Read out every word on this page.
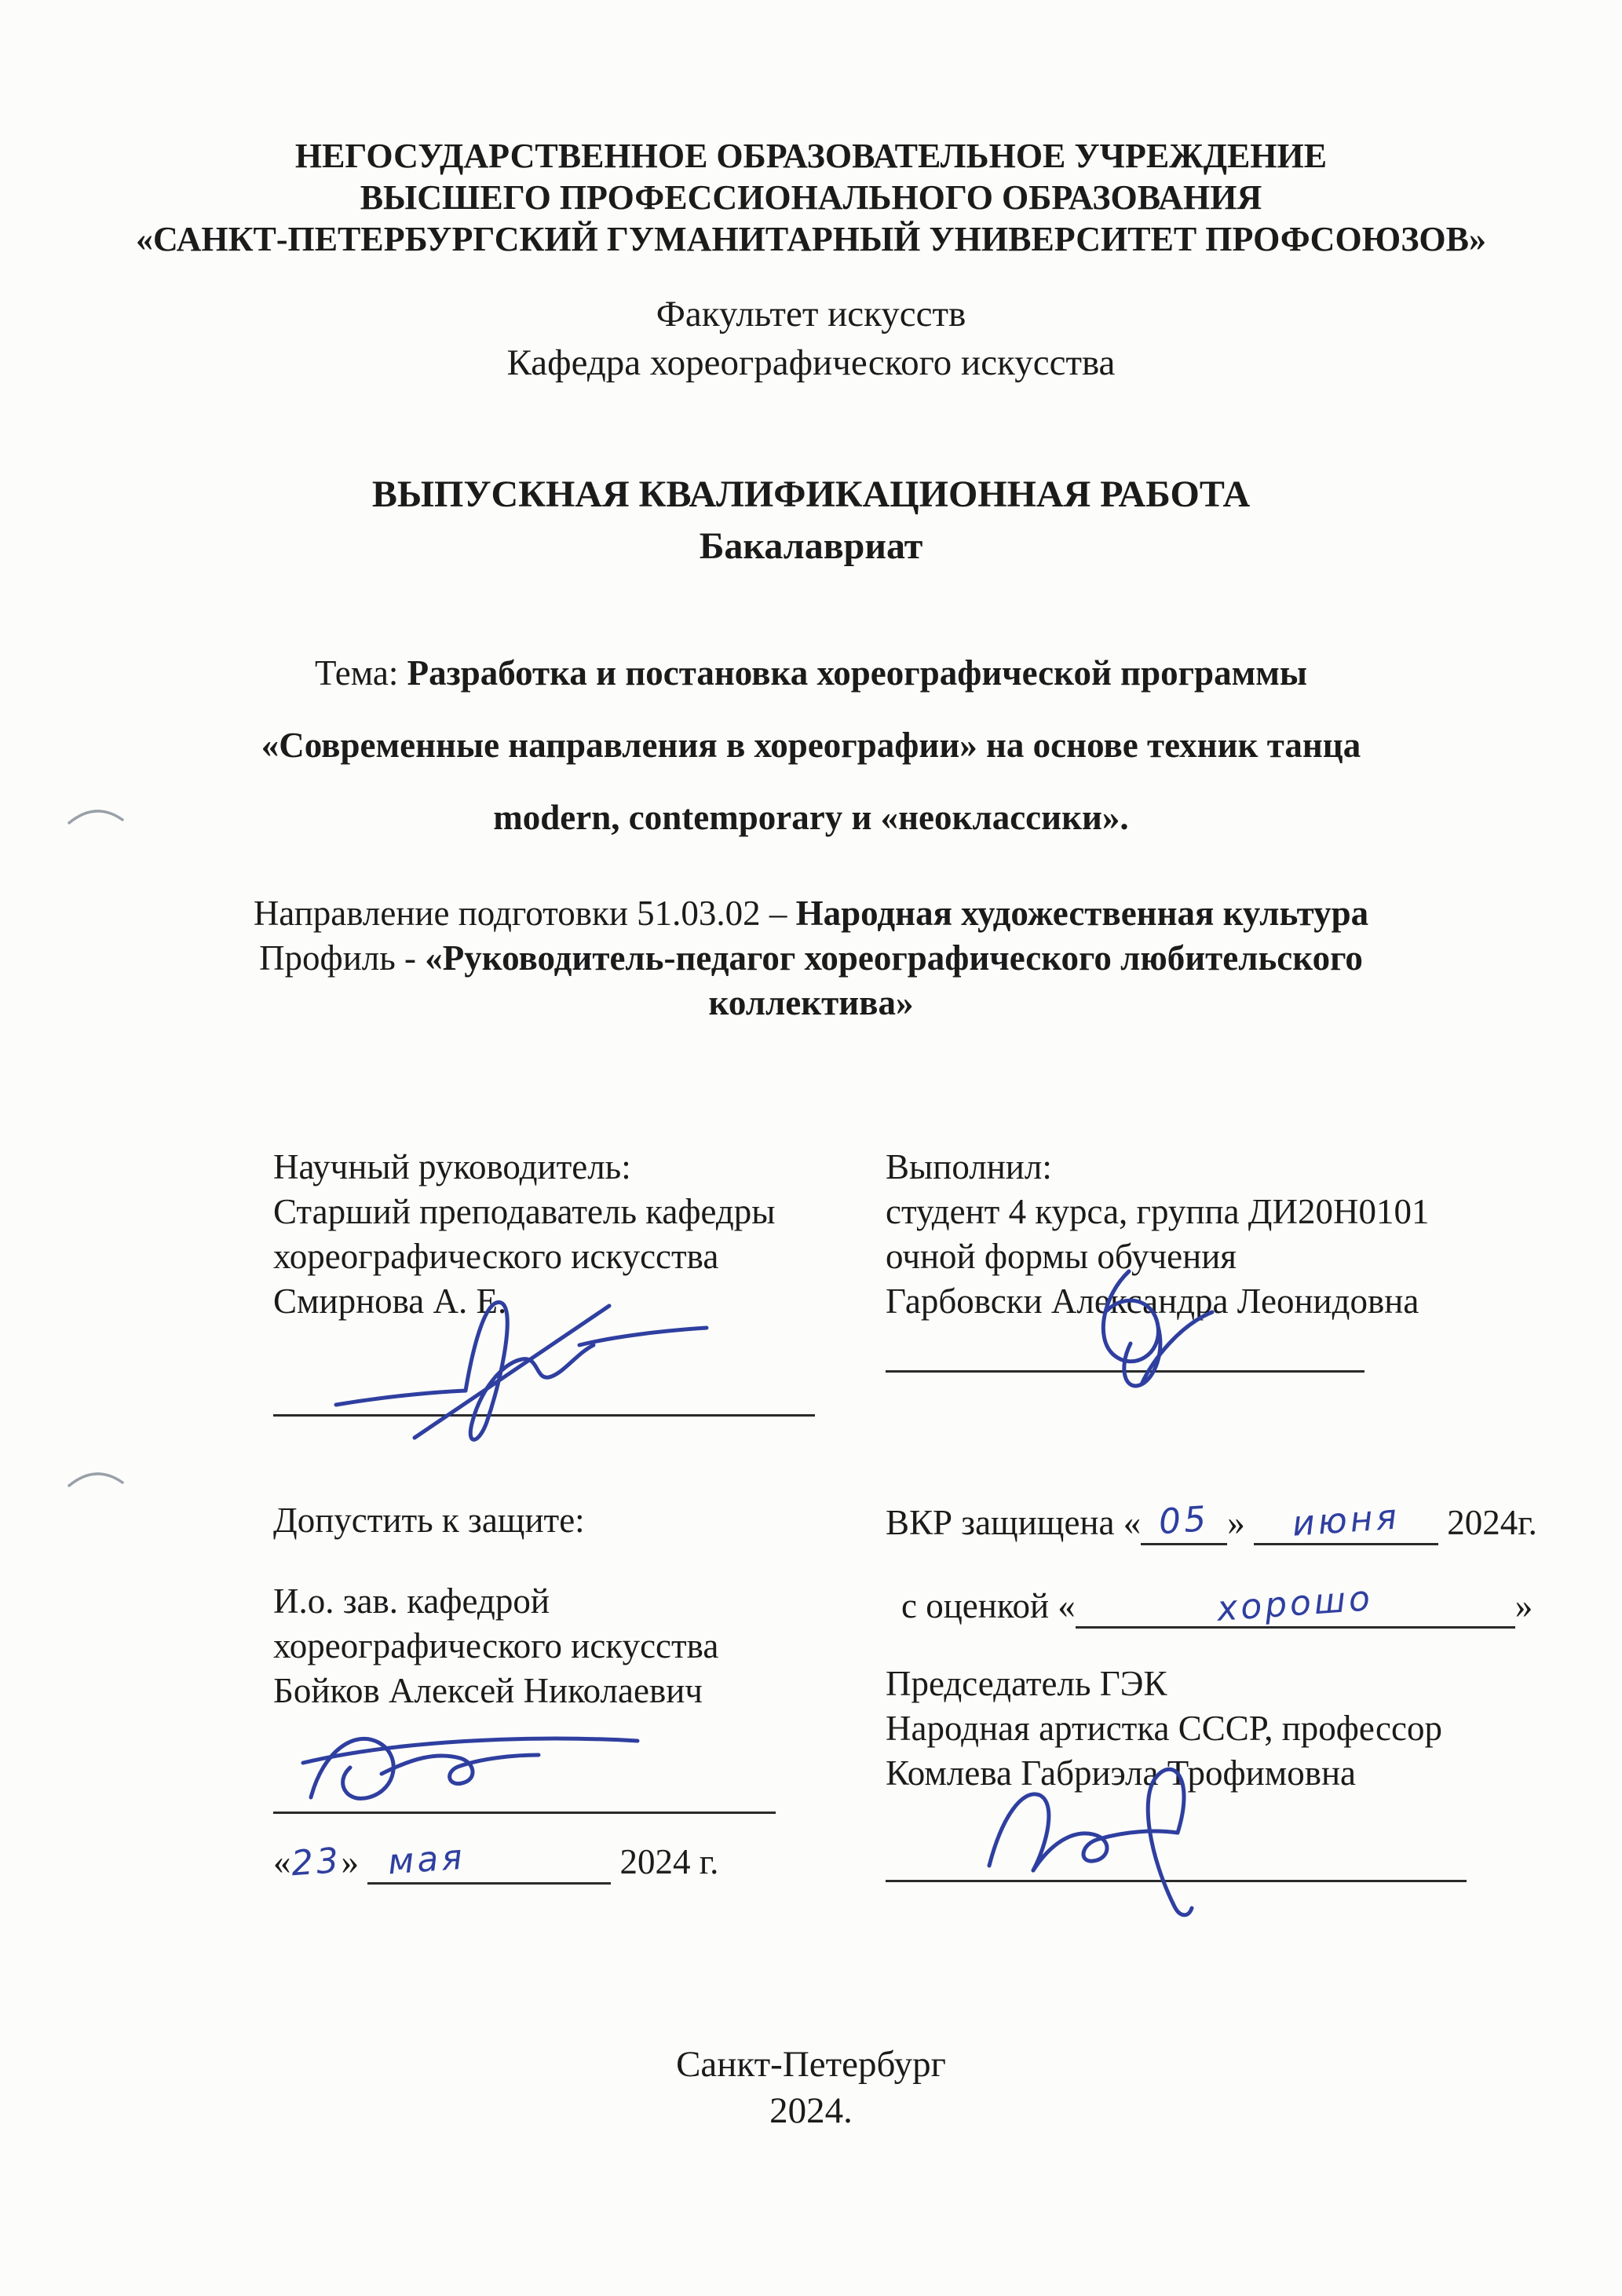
НЕГОСУДАРСТВЕННОЕ ОБРАЗОВАТЕЛЬНОЕ УЧРЕЖДЕНИЕ
ВЫСШЕГО ПРОФЕССИОНАЛЬНОГО ОБРАЗОВАНИЯ
«САНКТ-ПЕТЕРБУРГСКИЙ ГУМАНИТАРНЫЙ УНИВЕРСИТЕТ ПРОФСОЮЗОВ»
Факультет искусств
Кафедра хореографического искусства
ВЫПУСКНАЯ КВАЛИФИКАЦИОННАЯ РАБОТА
Бакалавриат
Тема: Разработка и постановка хореографической программы
«Современные направления в хореографии» на основе техник танца
modern, contemporary и «неоклассики».
Направление подготовки 51.03.02 – Народная художественная культура
Профиль - «Руководитель-педагог хореографического любительского
коллектива»
Научный руководитель:
Старший преподаватель кафедры
хореографического искусства
Смирнова А. Е.
Выполнил:
студент 4 курса, группа ДИ20Н0101
очной формы обучения
Гарбовски Александра Леонидовна
Допустить к защите:
И.о. зав. кафедрой
хореографического искусства
Бойков Алексей Николаевич
«23» мая	2024 г.
ВКР защищена « 05 » июня 2024г.
с оценкой «	хорошо	»
Председатель ГЭК
Народная артистка СССР, профессор
Комлева Габриэла Трофимовна
Санкт-Петербург
2024.
